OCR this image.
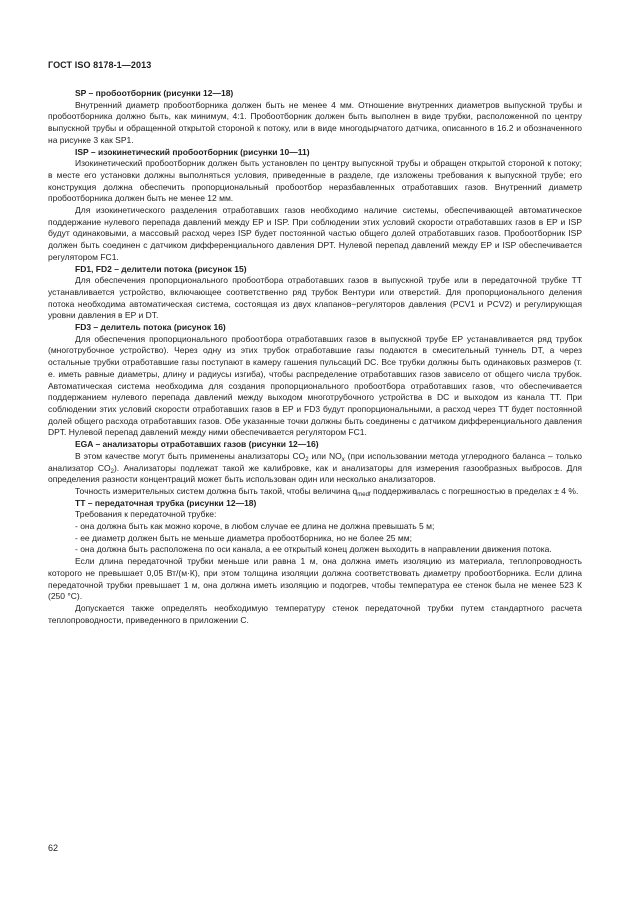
ГОСТ ISO 8178-1—2013

SP – пробоотборник (рисунки 12—18)

Внутренний диаметр пробоотборника должен быть не менее 4 мм. Отношение внутренних диаметров выпускной трубы и пробоотборника должно быть, как минимум, 4:1. Пробоотборник должен быть выполнен в виде трубки, расположенной по центру выпускной трубы и обращенной открытой стороной к потоку, или в виде многодырчатого датчика, описанного в 16.2 и обозначенного на рисунке 3 как SP1.

ISP – изокинетический пробоотборник (рисунки 10—11)

Изокинетический пробоотборник должен быть установлен по центру выпускной трубы и обращен открытой стороной к потоку; в месте его установки должны выполняться условия, приведенные в разделе, где изложены требования к выпускной трубе; его конструкция должна обеспечить пропорциональный пробоотбор неразбавленных отработавших газов. Внутренний диаметр пробоотборника должен быть не менее 12 мм.

Для изокинетического разделения отработавших газов необходимо наличие системы, обеспечивающей автоматическое поддержание нулевого перепада давлений между EP и ISP. При соблюдении этих условий скорости отработавших газов в EP и ISP будут одинаковыми, а массовый расход через ISP будет постоянной частью общего долей отработавших газов. Пробоотборник ISP должен быть соединен с датчиком дифференциального давления DPT. Нулевой перепад давлений между EP и ISP обеспечивается регулятором FC1.

FD1, FD2 – делители потока (рисунок 15)

Для обеспечения пропорционального пробоотбора отработавших газов в выпускной трубе или в передаточной трубке TT устанавливается устройство, включающее соответственно ряд трубок Вентури или отверстий. Для пропорционального деления потока необходима автоматическая система, состоящая из двух клапанов−регуляторов давления (PCV1 и PCV2) и регулирующая уровни давления в EP и DT.

FD3 – делитель потока (рисунок 16)

Для обеспечения пропорционального пробоотбора отработавших газов в выпускной трубе EP устанавливается ряд трубок (многотрубочное устройство). Через одну из этих трубок отработавшие газы подаются в смесительный туннель DT, а через остальные трубки отработавшие газы поступают в камеру гашения пульсаций DC. Все трубки должны быть одинаковых размеров (т. е. иметь равные диаметры, длину и радиусы изгиба), чтобы распределение отработавших газов зависело от общего числа трубок. Автоматическая система необходима для создания пропорционального пробоотбора отработавших газов, что обеспечивается поддержанием нулевого перепада давлений между выходом многотрубочного устройства в DC и выходом из канала TT. При соблюдении этих условий скорости отработавших газов в EP и FD3 будут пропорциональными, а расход через TT будет постоянной долей общего расхода отработавших газов. Обе указанные точки должны быть соединены с датчиком дифференциального давления DPT. Нулевой перепад давлений между ними обеспечивается регулятором FC1.

EGA – анализаторы отработавших газов (рисунки 12—16)

В этом качестве могут быть применены анализаторы $CO_2$ или $NO_x$ (при использовании метода углеродного баланса – только анализатор $CO_2$). Анализаторы подлежат такой же калибровке, как и анализаторы для измерения газообразных выбросов. Для определения разности концентраций может быть использован один или несколько анализаторов.

Точность измерительных систем должна быть такой, чтобы величина $q_{medf}$ поддерживалась с погрешностью в пределах ± 4 %.

TT – передаточная трубка (рисунки 12—18)

Требования к передаточной трубке:

- она должна быть как можно короче, в любом случае ее длина не должна превышать 5 м;

- ее диаметр должен быть не меньше диаметра пробоотборника, но не более 25 мм;

- она должна быть расположена по оси канала, а ее открытый конец должен выходить в направлении движения потока.

Если длина передаточной трубки меньше или равна 1 м, она должна иметь изоляцию из материала, теплопроводность которого не превышает 0,05 Вт/(м·К), при этом толщина изоляции должна соответствовать диаметру пробоотборника. Если длина передаточной трубки превышает 1 м, она должна иметь изоляцию и подогрев, чтобы температура ее стенок была не менее 523 К (250 °С).

Допускается также определять необходимую температуру стенок передаточной трубки путем стандартного расчета теплопроводности, приведенного в приложении С.

62
